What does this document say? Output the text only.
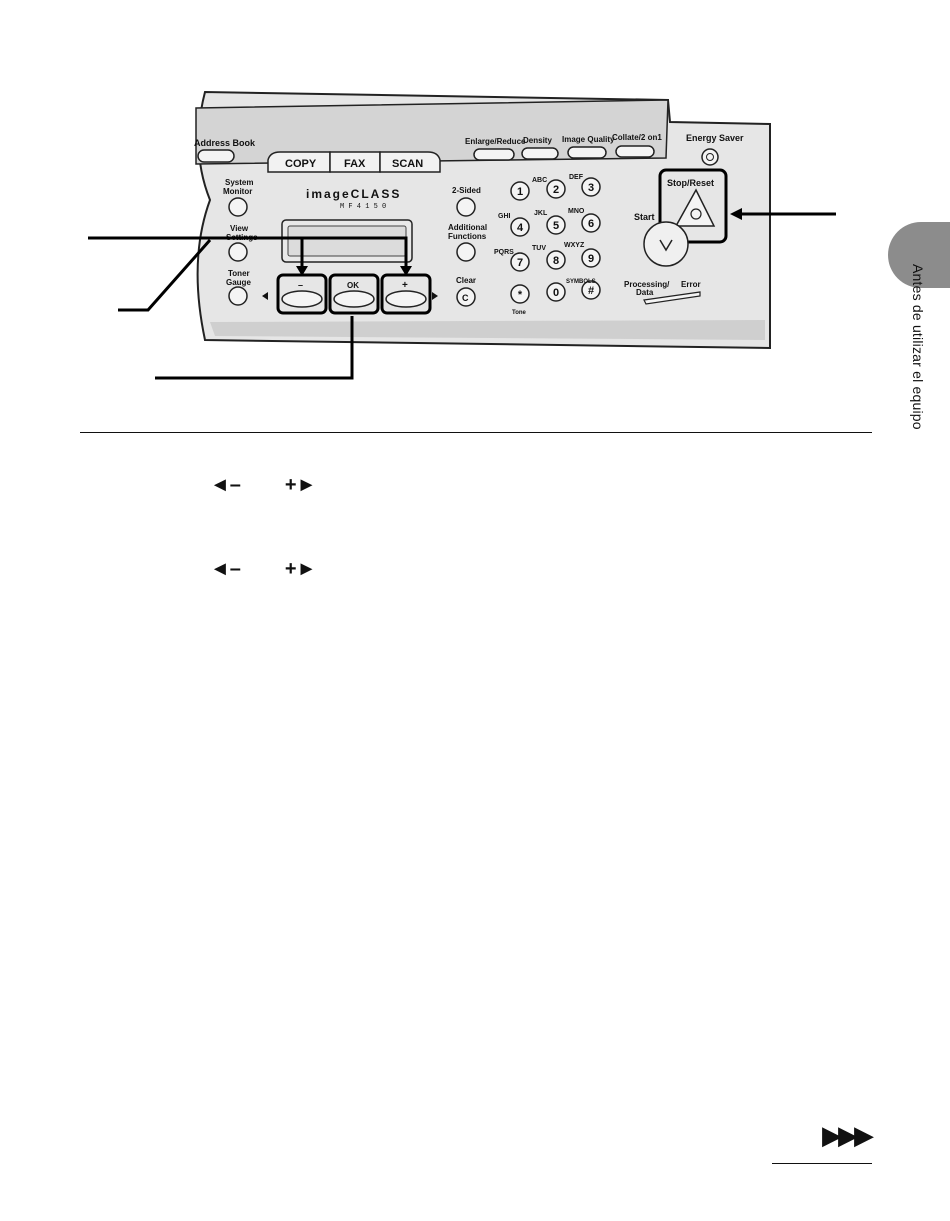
Address Book
COPY	FAX SCAN
Enlarge/Reduce
Density Image Quality
Collate/2 on1	Energy Saver
System
Monitor
View
Settings
Toner
Gauge
imageCLASS
M F 4 1 5 0
–	OK	+
2-Sided
Additional
Functions
Clear
C
1	2	3
4	5	6
7	8	9
*	0	#
ABC	DEF
GHI	JKL	MNO
PQRS
TUV	WXYZ
SYMBOLS
Tone
Stop/Reset
Start
Processing/
Data
Error	Antes de utilizar el equipo
◄– +►
◄– +►
▶▶▶
